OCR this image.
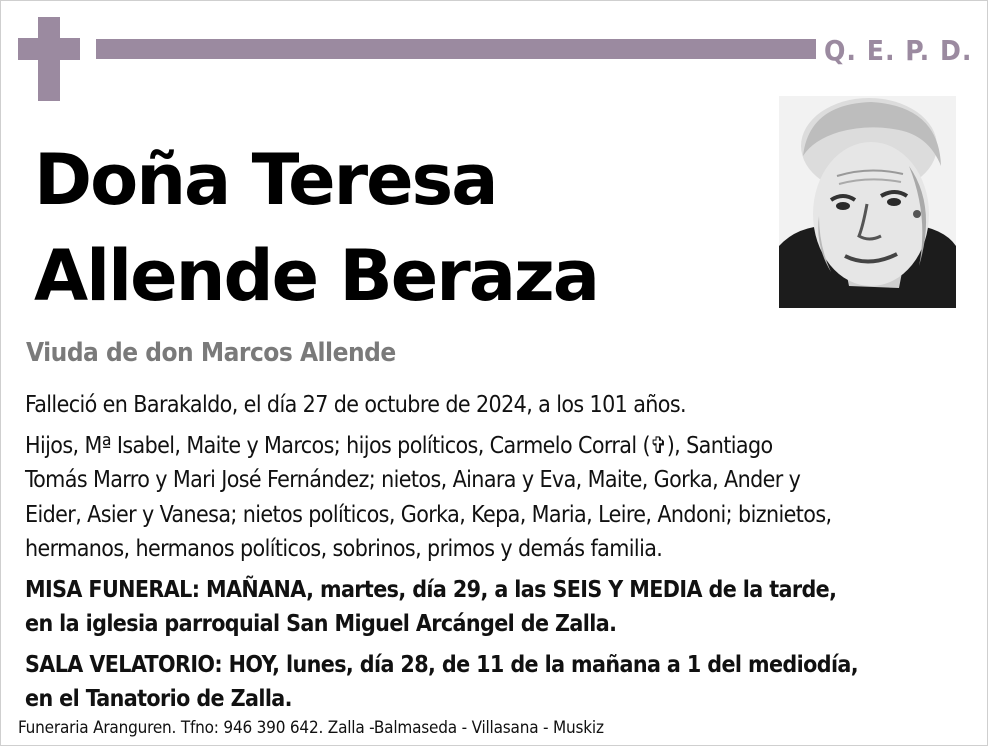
Q. E. P. D.
Doña Teresa
Allende Beraza
Viuda de don Marcos Allende

Falleció en Barakaldo, el día 27 de octubre de 2024, a los 101 años.

Hijos, Mª Isabel, Maite y Marcos; hijos políticos, Carmelo Corral (✞), Santiago

Tomás Marro y Mari José Fernández; nietos, Ainara y Eva, Maite, Gorka, Ander y

Eider, Asier y Vanesa; nietos políticos, Gorka, Kepa, Maria, Leire, Andoni; biznietos,

hermanos, hermanos políticos, sobrinos, primos y demás familia.

MISA FUNERAL: MAÑANA, martes, día 29, a las SEIS Y MEDIA de la tarde,

en la iglesia parroquial San Miguel Arcángel de Zalla.

SALA VELATORIO: HOY, lunes, día 28, de 11 de la mañana a 1 del mediodía,

en el Tanatorio de Zalla.

Funeraria Aranguren. Tfno: 946 390 642. Zalla -Balmaseda - Villasana - Muskiz
